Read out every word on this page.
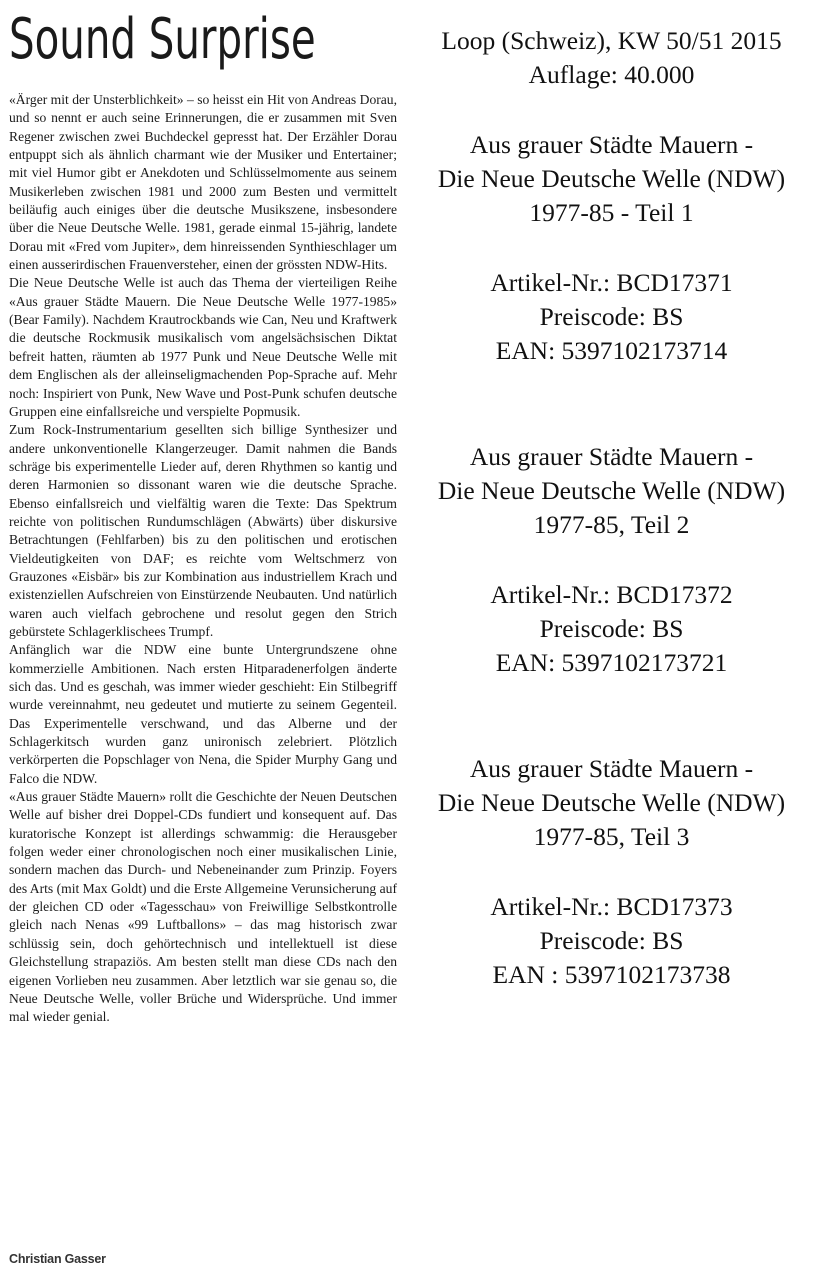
Sound Surprise

«Ärger mit der Unsterblichkeit» – so heisst ein Hit von Andreas Dorau, und so nennt er auch seine Erinnerungen, die er zusammen mit Sven Regener zwischen zwei Buchdeckel gepresst hat. Der Erzähler Dorau entpuppt sich als ähnlich charmant wie der Musiker und Entertainer; mit viel Humor gibt er Anekdoten und Schlüsselmomente aus seinem Musikerleben zwischen 1981 und 2000 zum Besten und vermittelt beiläufig auch einiges über die deutsche Musikszene, insbesondere über die Neue Deutsche Welle. 1981, gerade einmal 15-jährig, landete Dorau mit «Fred vom Jupiter», dem hinreissenden Synthieschlager um einen ausserirdischen Frauenversteher, einen der grössten NDW-Hits.

Die Neue Deutsche Welle ist auch das Thema der vierteiligen Reihe «Aus grauer Städte Mauern. Die Neue Deutsche Welle 1977-1985» (Bear Family). Nachdem Krautrockbands wie Can, Neu und Kraftwerk die deutsche Rockmusik musikalisch vom angelsächsischen Diktat befreit hatten, räumten ab 1977 Punk und Neue Deutsche Welle mit dem Englischen als der alleinseligmachenden Pop-Sprache auf. Mehr noch: Inspiriert von Punk, New Wave und Post-Punk schufen deutsche Gruppen eine einfallsreiche und verspielte Popmusik.

Zum Rock-Instrumentarium gesellten sich billige Synthesizer und andere unkonventionelle Klangerzeuger. Damit nahmen die Bands schräge bis experimentelle Lieder auf, deren Rhythmen so kantig und deren Harmonien so dissonant waren wie die deutsche Sprache. Ebenso einfallsreich und vielfältig waren die Texte: Das Spektrum reichte von politischen Rundumschlägen (Abwärts) über diskursive Betrachtungen (Fehlfarben) bis zu den politischen und erotischen Vieldeutigkeiten von DAF; es reichte vom Weltschmerz von Grauzones «Eisbär» bis zur Kombination aus industriellem Krach und existenziellen Aufschreien von Einstürzende Neubauten. Und natürlich waren auch vielfach gebrochene und resolut gegen den Strich gebürstete Schlagerklischees Trumpf.

Anfänglich war die NDW eine bunte Untergrundszene ohne kommerzielle Ambitionen. Nach ersten Hitparadenerfolgen änderte sich das. Und es geschah, was immer wieder geschieht: Ein Stilbegriff wurde vereinnahmt, neu gedeutet und mutierte zu seinem Gegenteil. Das Experimentelle verschwand, und das Alberne und der Schlagerkitsch wurden ganz unironisch zelebriert. Plötzlich verkörperten die Popschlager von Nena, die Spider Murphy Gang und Falco die NDW.

«Aus grauer Städte Mauern» rollt die Geschichte der Neuen Deutschen Welle auf bisher drei Doppel-CDs fundiert und konsequent auf. Das kuratorische Konzept ist allerdings schwammig: die Herausgeber folgen weder einer chronologischen noch einer musikalischen Linie, sondern machen das Durch- und Nebeneinander zum Prinzip. Foyers des Arts (mit Max Goldt) und die Erste Allgemeine Verunsicherung auf der gleichen CD oder «Tagesschau» von Freiwillige Selbstkontrolle gleich nach Nenas «99 Luftballons» – das mag historisch zwar schlüssig sein, doch gehörtechnisch und intellektuell ist diese Gleichstellung strapaziös. Am besten stellt man diese CDs nach den eigenen Vorlieben neu zusammen. Aber letztlich war sie genau so, die Neue Deutsche Welle, voller Brüche und Widersprüche. Und immer mal wieder genial.

Christian Gasser
Loop (Schweiz), KW 50/51 2015
Auflage: 40.000
Aus grauer Städte Mauern -
Die Neue Deutsche Welle (NDW)
1977-85 - Teil 1
Artikel-Nr.: BCD17371
Preiscode: BS
EAN: 5397102173714
Aus grauer Städte Mauern -
Die Neue Deutsche Welle (NDW)
1977-85, Teil 2
Artikel-Nr.: BCD17372
Preiscode: BS
EAN: 5397102173721
Aus grauer Städte Mauern -
Die Neue Deutsche Welle (NDW)
1977-85, Teil 3
Artikel-Nr.: BCD17373
Preiscode: BS
EAN : 5397102173738
